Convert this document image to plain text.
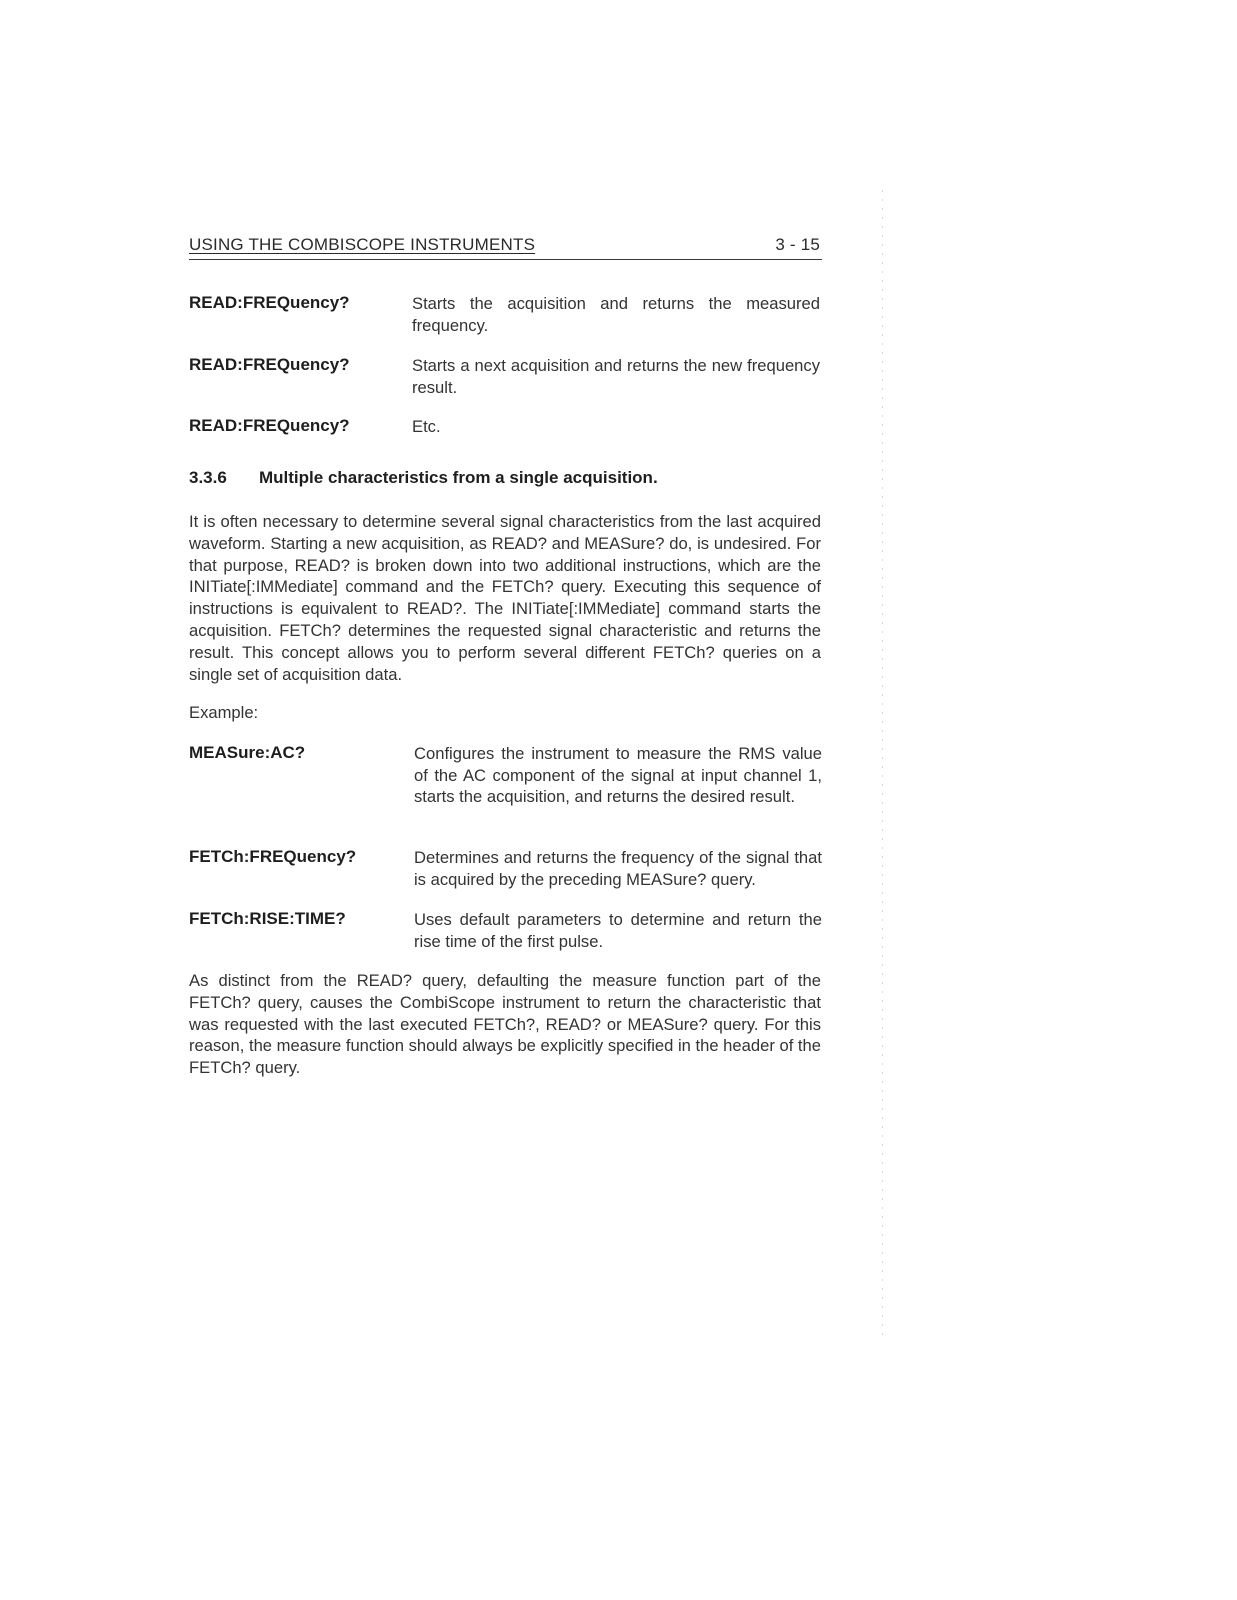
USING THE COMBISCOPE INSTRUMENTS	3 - 15
READ:FREQuency?	Starts the acquisition and returns the measured frequency.
READ:FREQuency?	Starts a next acquisition and returns the new frequency result.
READ:FREQuency?	Etc.
3.3.6 Multiple characteristics from a single acquisition.
It is often necessary to determine several signal characteristics from the last acquired waveform. Starting a new acquisition, as READ? and MEASure? do, is undesired. For that purpose, READ? is broken down into two additional instructions, which are the INITiate[:IMMediate] command and the FETCh? query. Executing this sequence of instructions is equivalent to READ?. The INITiate[:IMMediate] command starts the acquisition. FETCh? determines the requested signal characteristic and returns the result. This concept allows you to perform several different FETCh? queries on a single set of acquisition data.
Example:
MEASure:AC?	Configures the instrument to measure the RMS value of the AC component of the signal at input channel 1, starts the acquisition, and returns the desired result.
FETCh:FREQuency?	Determines and returns the frequency of the signal that is acquired by the preceding MEASure? query.
FETCh:RISE:TIME?	Uses default parameters to determine and return the rise time of the first pulse.
As distinct from the READ? query, defaulting the measure function part of the FETCh? query, causes the CombiScope instrument to return the characteristic that was requested with the last executed FETCh?, READ? or MEASure? query. For this reason, the measure function should always be explicitly specified in the header of the FETCh? query.
